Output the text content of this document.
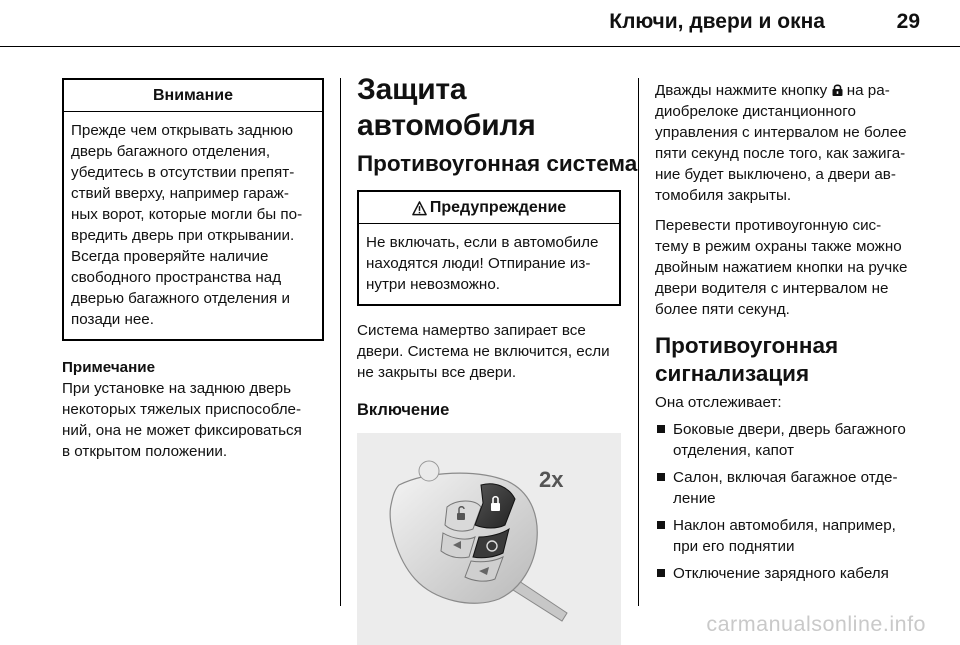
Ключи, двери и окна	29
Внимание
Прежде чем открывать заднюю
дверь багажного отделения,
убедитесь в отсутствии препят-
ствий вверху, например гараж-
ных ворот, которые могли бы по-
вредить дверь при открывании.
Всегда проверяйте наличие
свободного пространства над
дверью багажного отделения и
позади нее.
Примечание
При установке на заднюю дверь
некоторых тяжелых приспособле-
ний, она не может фиксироваться
в открытом положении.
Защита автомобиля
Противоугонная система
Предупреждение
Не включать, если в автомобиле
находятся люди! Отпирание из-
нутри невозможно.

Система намертво запирает все

двери. Система не включится, если

не закрыты все двери.

Включение
2x

Дважды нажмите кнопку на ра-

диобрелоке дистанционного

управления с интервалом не более

пяти секунд после того, как зажига-

ние будет выключено, а двери ав-

томобиля закрыты.

Перевести противоугонную сис-

тему в режим охраны также можно

двойным нажатием кнопки на ручке

двери водителя с интервалом не

более пяти секунд.

Противоугонная
сигнализация

Она отслеживает:

Боковые двери, дверь багажного
отделения, капот
Салон, включая багажное отде-
ление
Наклон автомобиля, например,
при его поднятии
Отключение зарядного кабеля
carmanualsonline.info
